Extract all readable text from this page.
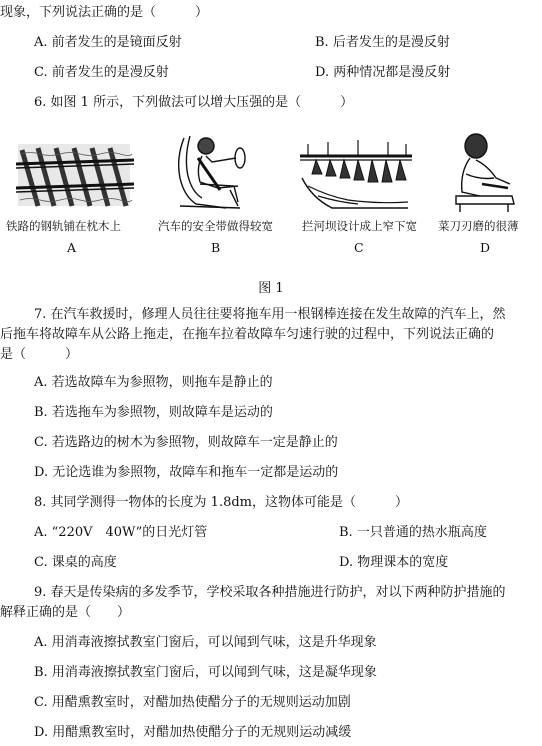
现象，下列说法正确的是（　　　）
A. 前者发生的是镜面反射	B. 后者发生的是漫反射
C. 前者发生的是漫反射	D. 两种情况都是漫反射
6. 如图 1 所示，下列做法可以增大压强的是（　　　）
铁路的钢轨铺在枕木上	汽车的安全带做得较宽	拦河坝设计成上窄下宽 菜刀刃磨的很薄
A	B	C	D
图 1
7. 在汽车救援时，修理人员往往要将拖车用一根钢棒连接在发生故障的汽车上，然
后拖车将故障车从公路上拖走，在拖车拉着故障车匀速行驶的过程中，下列说法正确的
是（　　　）
A. 若选故障车为参照物，则拖车是静止的
B. 若选拖车为参照物，则故障车是运动的
C. 若选路边的树木为参照物，则故障车一定是静止的
D. 无论选谁为参照物，故障车和拖车一定都是运动的
8. 其同学测得一物体的长度为 1.8dm，这物体可能是（　　　）
A. “220V　40W”的日光灯管	B. 一只普通的热水瓶高度
C. 课桌的高度	D. 物理课本的宽度
9. 春天是传染病的多发季节，学校采取各种措施进行防护，对以下两种防护措施的
解释正确的是（　　）
A. 用消毒液擦拭教室门窗后，可以闻到气味，这是升华现象
B. 用消毒液擦拭教室门窗后，可以闻到气味，这是凝华现象
C. 用醋熏教室时，对醋加热使醋分子的无规则运动加剧
D. 用醋熏教室时，对醋加热使醋分子的无规则运动减缓
